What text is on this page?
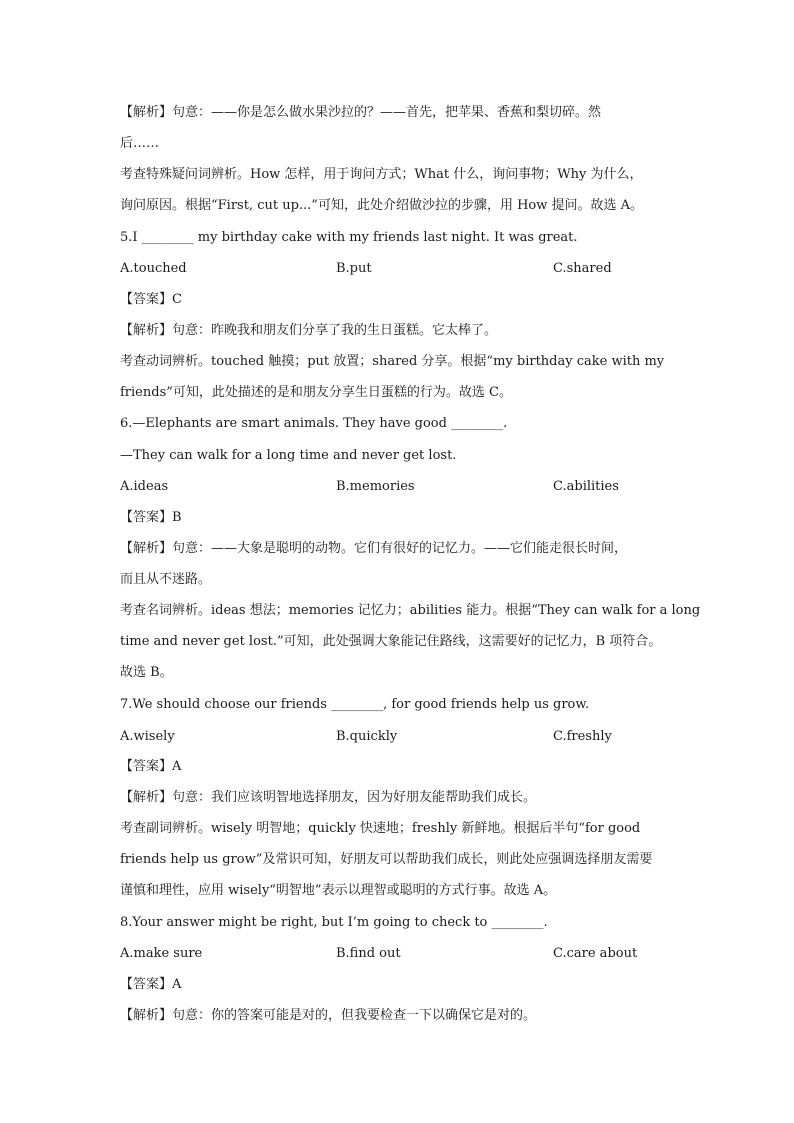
【解析】句意：——你是怎么做水果沙拉的？——首先，把苹果、香蕉和梨切碎。然
后……
考查特殊疑问词辨析。How 怎样，用于询问方式；What 什么，询问事物；Why 为什么，
询问原因。根据“First, cut up...”可知，此处介绍做沙拉的步骤，用 How 提问。故选 A。
5.I ________ my birthday cake with my friends last night. It was great.
【答案】C
【解析】句意：昨晚我和朋友们分享了我的生日蛋糕。它太棒了。
考查动词辨析。touched 触摸；put 放置；shared 分享。根据“my birthday cake with my
friends”可知，此处描述的是和朋友分享生日蛋糕的行为。故选 C。
6.—Elephants are smart animals. They have good ________.
—They can walk for a long time and never get lost.
【答案】B
【解析】句意：——大象是聪明的动物。它们有很好的记忆力。——它们能走很长时间，
而且从不迷路。
考查名词辨析。ideas 想法；memories 记忆力；abilities 能力。根据“They can walk for a long
time and never get lost.”可知，此处强调大象能记住路线，这需要好的记忆力，B 项符合。
故选 B。
7.We should choose our friends ________, for good friends help us grow.
【答案】A
【解析】句意：我们应该明智地选择朋友，因为好朋友能帮助我们成长。
考查副词辨析。wisely 明智地；quickly 快速地；freshly 新鲜地。根据后半句“for good
friends help us grow”及常识可知，好朋友可以帮助我们成长，则此处应强调选择朋友需要
谨慎和理性，应用 wisely“明智地”表示以理智或聪明的方式行事。故选 A。
8.Your answer might be right, but I’m going to check to ________.
【答案】A
【解析】句意：你的答案可能是对的，但我要检查一下以确保它是对的。
A.touched	B.put	C.shared
A.ideas	B.memories	C.abilities
A.wisely	B.quickly	C.freshly
A.make sure	B.find out	C.care about
